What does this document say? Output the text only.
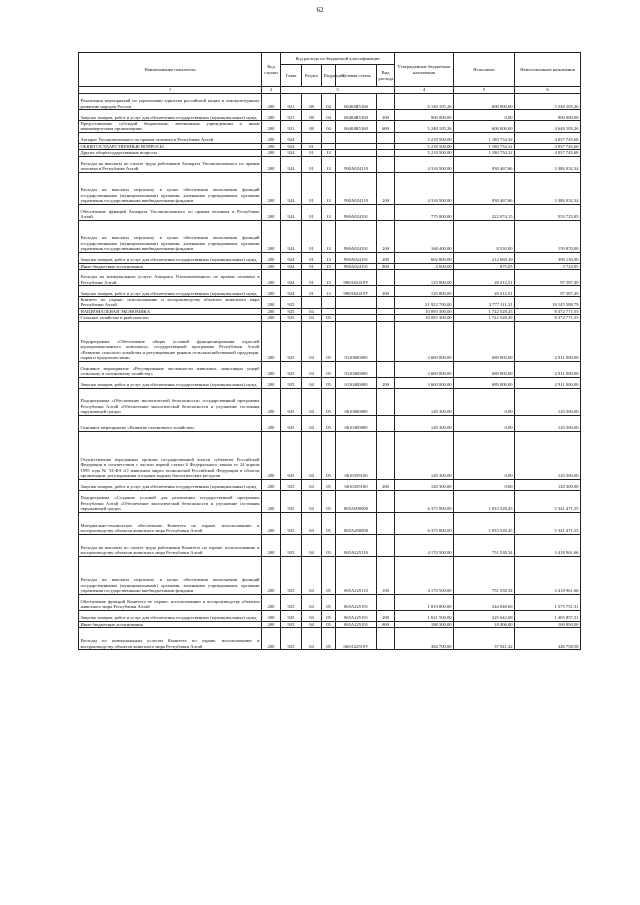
62
Наименование показателя	Код строки	Код расхода по бюджетной классификации					Утвержденные бюджетные назначения	Исполнено	Неисполненные назначения
		Глава	Раздел	Подраздел	Целевая статья	Вид расхода			
1	2	3					4	5	6
Реализация мероприятий по укреплению единства российской нации и этнокультурному развитию народов России	200	921	08	04	06404R5160		6 148 105,26	600 000,00	5 548 105,26
Закупка товаров, работ и услуг для обеспечения государственных (муниципальных) нужд	200	921	08	04	06404R5160	200	900 000,00	0,00	900 000,00
Предоставление субсидий бюджетным, автономным учреждениям и иным некоммерческим организациям	200	921	08	04	06404R5160	600	5 248 105,26	600 000,00	4 648 105,26
Аппарат Уполномоченного по правам человека в Республике Алтай	200	924					5 218 500,00	1 180 754,32	4 037 745,68
ОБЩЕГОСУДАРСТВЕННЫЕ ВОПРОСЫ	200	924	01				5 218 500,00	1 180 754,32	4 037 745,68
Другие общегосударственные вопросы	200	924	01	13			5 218 500,00	1 180 754,32	4 037 745,68
Расходы на выплаты по оплате труда работников Аппарата Уполномоченного по правам человека в Республике Алтай	200	924	01	13	990A024110		4 316 500,00	930 467,66	3 386 032,34
Расходы на выплаты персоналу в целях обеспечения выполнения функций государственными (муниципальными) органами, казенными учреждениями, органами управления государственными внебюджетными фондами	200	924	01	13	990A024110	100	4 316 500,00	930 467,66	3 386 032,34
Обеспечение функций Аппарата Уполномоченного по правам человека в Республике Алтай	200	924	01	13	990A024191		775 800,00	222 074,15	553 725,85
Расходы на выплаты персоналу в целях обеспечения выполнения функций государственными (муниципальными) органами, казенными учреждениями, органами управления государственными внебюджетными фондами	200	924	01	13	990A024191	100	168 400,00	8 530,00	159 870,00
Закупка товаров, работ и услуг для обеспечения государственных (муниципальных) нужд	200	924	01	13	990A024191	200	602 800,00	212 669,10	390 130,90
Иные бюджетные ассигнования	200	924	01	13	990A024191	800	4 600,00	875,05	3 724,95
Расходы на коммунальные услуги Аппарата Уполномоченного по правам человека в Республике Алтай	200	924	01	13	990A02419У		125 800,00	28 212,51	97 587,49
Закупка товаров, работ и услуг для обеспечения государственных (муниципальных) нужд	200	924	01	13	990A02419У	200	125 800,00	28 212,51	97 587,49
Комитет по охране, использованию и воспроизводству объектов животного мира Республики Алтай	200	925					21 922 700,00	3 777 111,21	18 145 588,79
НАЦИОНАЛЬНАЯ ЭКОНОМИКА	200	925	04				10 095 300,00	1 722 528,45	8 372 771,55
Сельское хозяйство и рыболовство	200	925	04	05			10 095 300,00	1 722 528,45	8 372 771,55
Подпрограмма «Обеспечение общих условий функционирования отраслей агропромышленного комплекса» государственной программы Республики Алтай «Развитие сельского хозяйства и регулирование рынков сельскохозяйственной продукции, сырья и продовольствия»	200	925	04	05	0120000000		3 600 000,00	689 000,00	2 911 000,00
Основное мероприятие «Регулирование численности животных, наносящих ущерб сельскому и охотничьему хозяйству»	200	925	04	05	0120400000		3 600 000,00	689 000,00	2 911 000,00
Закупка товаров, работ и услуг для обеспечения государственных (муниципальных) нужд	200	925	04	05	0120400000	200	3 600 000,00	689 000,00	2 911 000,00
Подпрограмма «Обеспечение экологической безопасности» государственной программы Республики Алтай «Обеспечение экологической безопасности и улучшение состояния окружающей среды»	200	925	04	05	0610000000		120 300,00	0,00	120 300,00
Основное мероприятие «Развитие охотничьего хозяйства»	200	925	04	05	0610300000		120 300,00	0,00	120 300,00
Осуществление переданных органам государственной власти субъектов Российской Федерации в соответствии с частью первой статьи 6 Федерального закона от 24 апреля 1995 года № 52-ФЗ «О животном мире» полномочий Российской Федерации в области организации, регулирования и охраны водных биологических ресурсов	200	925	04	05	0610359100		120 300,00	0,00	120 300,00
Закупка товаров, работ и услуг для обеспечения государственных (муниципальных) нужд	200	925	04	05	0610359100	200	120 300,00	0,00	120 300,00
Подпрограмма «Создание условий для реализации государственной программы Республики Алтай «Обеспечение экологической безопасности и улучшение состояния окружающей среды»	200	925	04	05	065А000000		6 375 000,00	1 033 528,45	5 341 471,55
Материально-техническое обеспечение Комитета по охране, использованию и воспроизводству объектов животного мира Республики Алтай	200	925	04	05	065А200000		6 375 000,00	1 033 528,45	5 341 471,55
Расходы на выплаты по оплате труда работников Комитета по охране, использованию и воспроизводству объектов животного мира Республики Алтай	200	925	04	05	065А225110		4 170 500,00	751 538,34	3 418 961,66
Расходы на выплаты персоналу в целях обеспечения выполнения функций государственными (муниципальными) органами, казенными учреждениями, органами управления государственными внебюджетными фондами	200	925	04	05	065А225110	100	4 170 500,00	751 538,34	3 418 961,66
Обеспечение функций Комитета по охране, использованию и воспроизводству объектов животного мира Республики Алтай	200	925	04	05	065А225191		1 819 800,00	244 048,69	1 575 751,31
Закупка товаров, работ и услуг для обеспечения государственных (муниципальных) нужд	200	925	04	05	065А225191	200	1 631 500,00	225 642,69	1 405 857,31
Иные бюджетные ассигнования	200	925	04	05	065А225191	800	188 300,00	18 406,00	169 894,00
Расходы по коммунальным услугам Комитета по охране, использованию и воспроизводству объектов животного мира Республики Алтай	200	925	04	05	065А22519У		384 700,00	37 941,42	346 758,58
